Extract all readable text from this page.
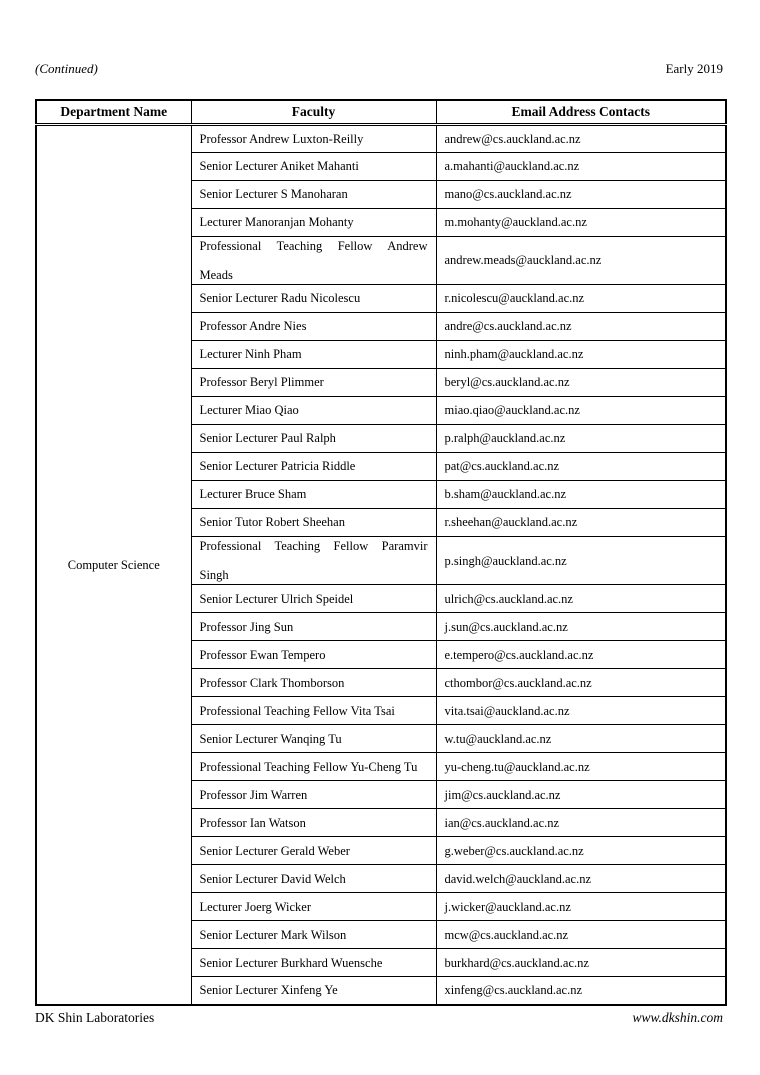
(Continued)	Early 2019
Department Name	Faculty	Email Address Contacts
Computer Science	Professor Andrew Luxton-Reilly	andrew@cs.auckland.ac.nz
	Senior Lecturer Aniket Mahanti	a.mahanti@auckland.ac.nz
	Senior Lecturer S Manoharan	mano@cs.auckland.ac.nz
	Lecturer Manoranjan Mohanty	m.mohanty@auckland.ac.nz
	Professional Teaching Fellow AndrewMeads	andrew.meads@auckland.ac.nz
	Senior Lecturer Radu Nicolescu	r.nicolescu@auckland.ac.nz
	Professor Andre Nies	andre@cs.auckland.ac.nz
	Lecturer Ninh Pham	ninh.pham@auckland.ac.nz
	Professor Beryl Plimmer	beryl@cs.auckland.ac.nz
	Lecturer Miao Qiao	miao.qiao@auckland.ac.nz
	Senior Lecturer Paul Ralph	p.ralph@auckland.ac.nz
	Senior Lecturer Patricia Riddle	pat@cs.auckland.ac.nz
	Lecturer Bruce Sham	b.sham@auckland.ac.nz
	Senior Tutor Robert Sheehan	r.sheehan@auckland.ac.nz
	Professional Teaching Fellow ParamvirSingh	p.singh@auckland.ac.nz
	Senior Lecturer Ulrich Speidel	ulrich@cs.auckland.ac.nz
	Professor Jing Sun	j.sun@cs.auckland.ac.nz
	Professor Ewan Tempero	e.tempero@cs.auckland.ac.nz
	Professor Clark Thomborson	cthombor@cs.auckland.ac.nz
	Professional Teaching Fellow Vita Tsai	vita.tsai@auckland.ac.nz
	Senior Lecturer Wanqing Tu	w.tu@auckland.ac.nz
	Professional Teaching Fellow Yu-Cheng Tu	yu-cheng.tu@auckland.ac.nz
	Professor Jim Warren	jim@cs.auckland.ac.nz
	Professor Ian Watson	ian@cs.auckland.ac.nz
	Senior Lecturer Gerald Weber	g.weber@cs.auckland.ac.nz
	Senior Lecturer David Welch	david.welch@auckland.ac.nz
	Lecturer Joerg Wicker	j.wicker@auckland.ac.nz
	Senior Lecturer Mark Wilson	mcw@cs.auckland.ac.nz
	Senior Lecturer Burkhard Wuensche	burkhard@cs.auckland.ac.nz
	Senior Lecturer Xinfeng Ye	xinfeng@cs.auckland.ac.nz
DK Shin Laboratories	www.dkshin.com
